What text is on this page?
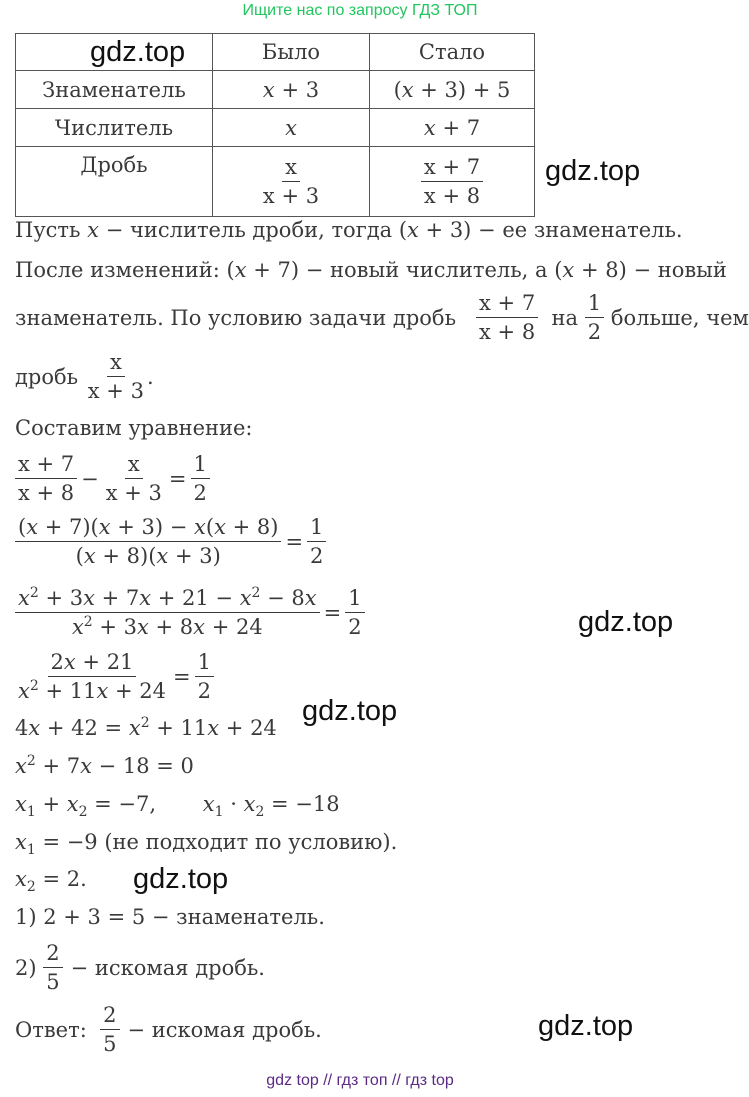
Ищите нас по запросу ГДЗ ТОП
	Было	Стало
Знаменатель	x + 3	(x + 3) + 5
Числитель	x	x + 7
Дробь	$\frac{x}{x + 3}$	$\frac{x + 7}{x + 8}$
gdz.top
gdz.top
Пусть x − числитель дроби, тогда (x + 3) − ее знаменатель.
После изменений: (x + 7) − новый числитель, а (x + 8) − новый
знаменатель. По условию задачи дробь
$\frac{x + 7}{x + 8}$
на
$\frac{1}{2}$
больше, чем
дробь
$\frac{x}{x + 3}$ .
Составим уравнение:
$\frac{x + 7}{x + 8} - \frac{x}{x + 3} = \frac{1}{2}$
$\frac{(x + 7)(x + 3) - x(x + 8)}{(x + 8)(x + 3)} = \frac{1}{2}$
$\frac{x^2 + 3x + 7x + 21 - x^2 - 8x}{x^2 + 3x + 8x + 24} = \frac{1}{2}$	gdz.top
$\frac{2x + 21}{x^2 + 11x + 24} = \frac{1}{2}$
gdz.top
$4x + 42 = x^2 + 11x + 24$
$x^2 + 7x - 18 = 0$
$x_1 + x_2 = -7$,       $x_1 \cdot x_2 = -18$
$x_1 = -9$ (не подходит по условию).
$x_2 = 2$. gdz.top
1) 2 + 3 = 5 − знаменатель.
2)
$\frac{2}{5}$ − искомая дробь.
Ответ:
$\frac{2}{5}$ − искомая дробь.	gdz.top
gdz top // гдз топ // гдз top
